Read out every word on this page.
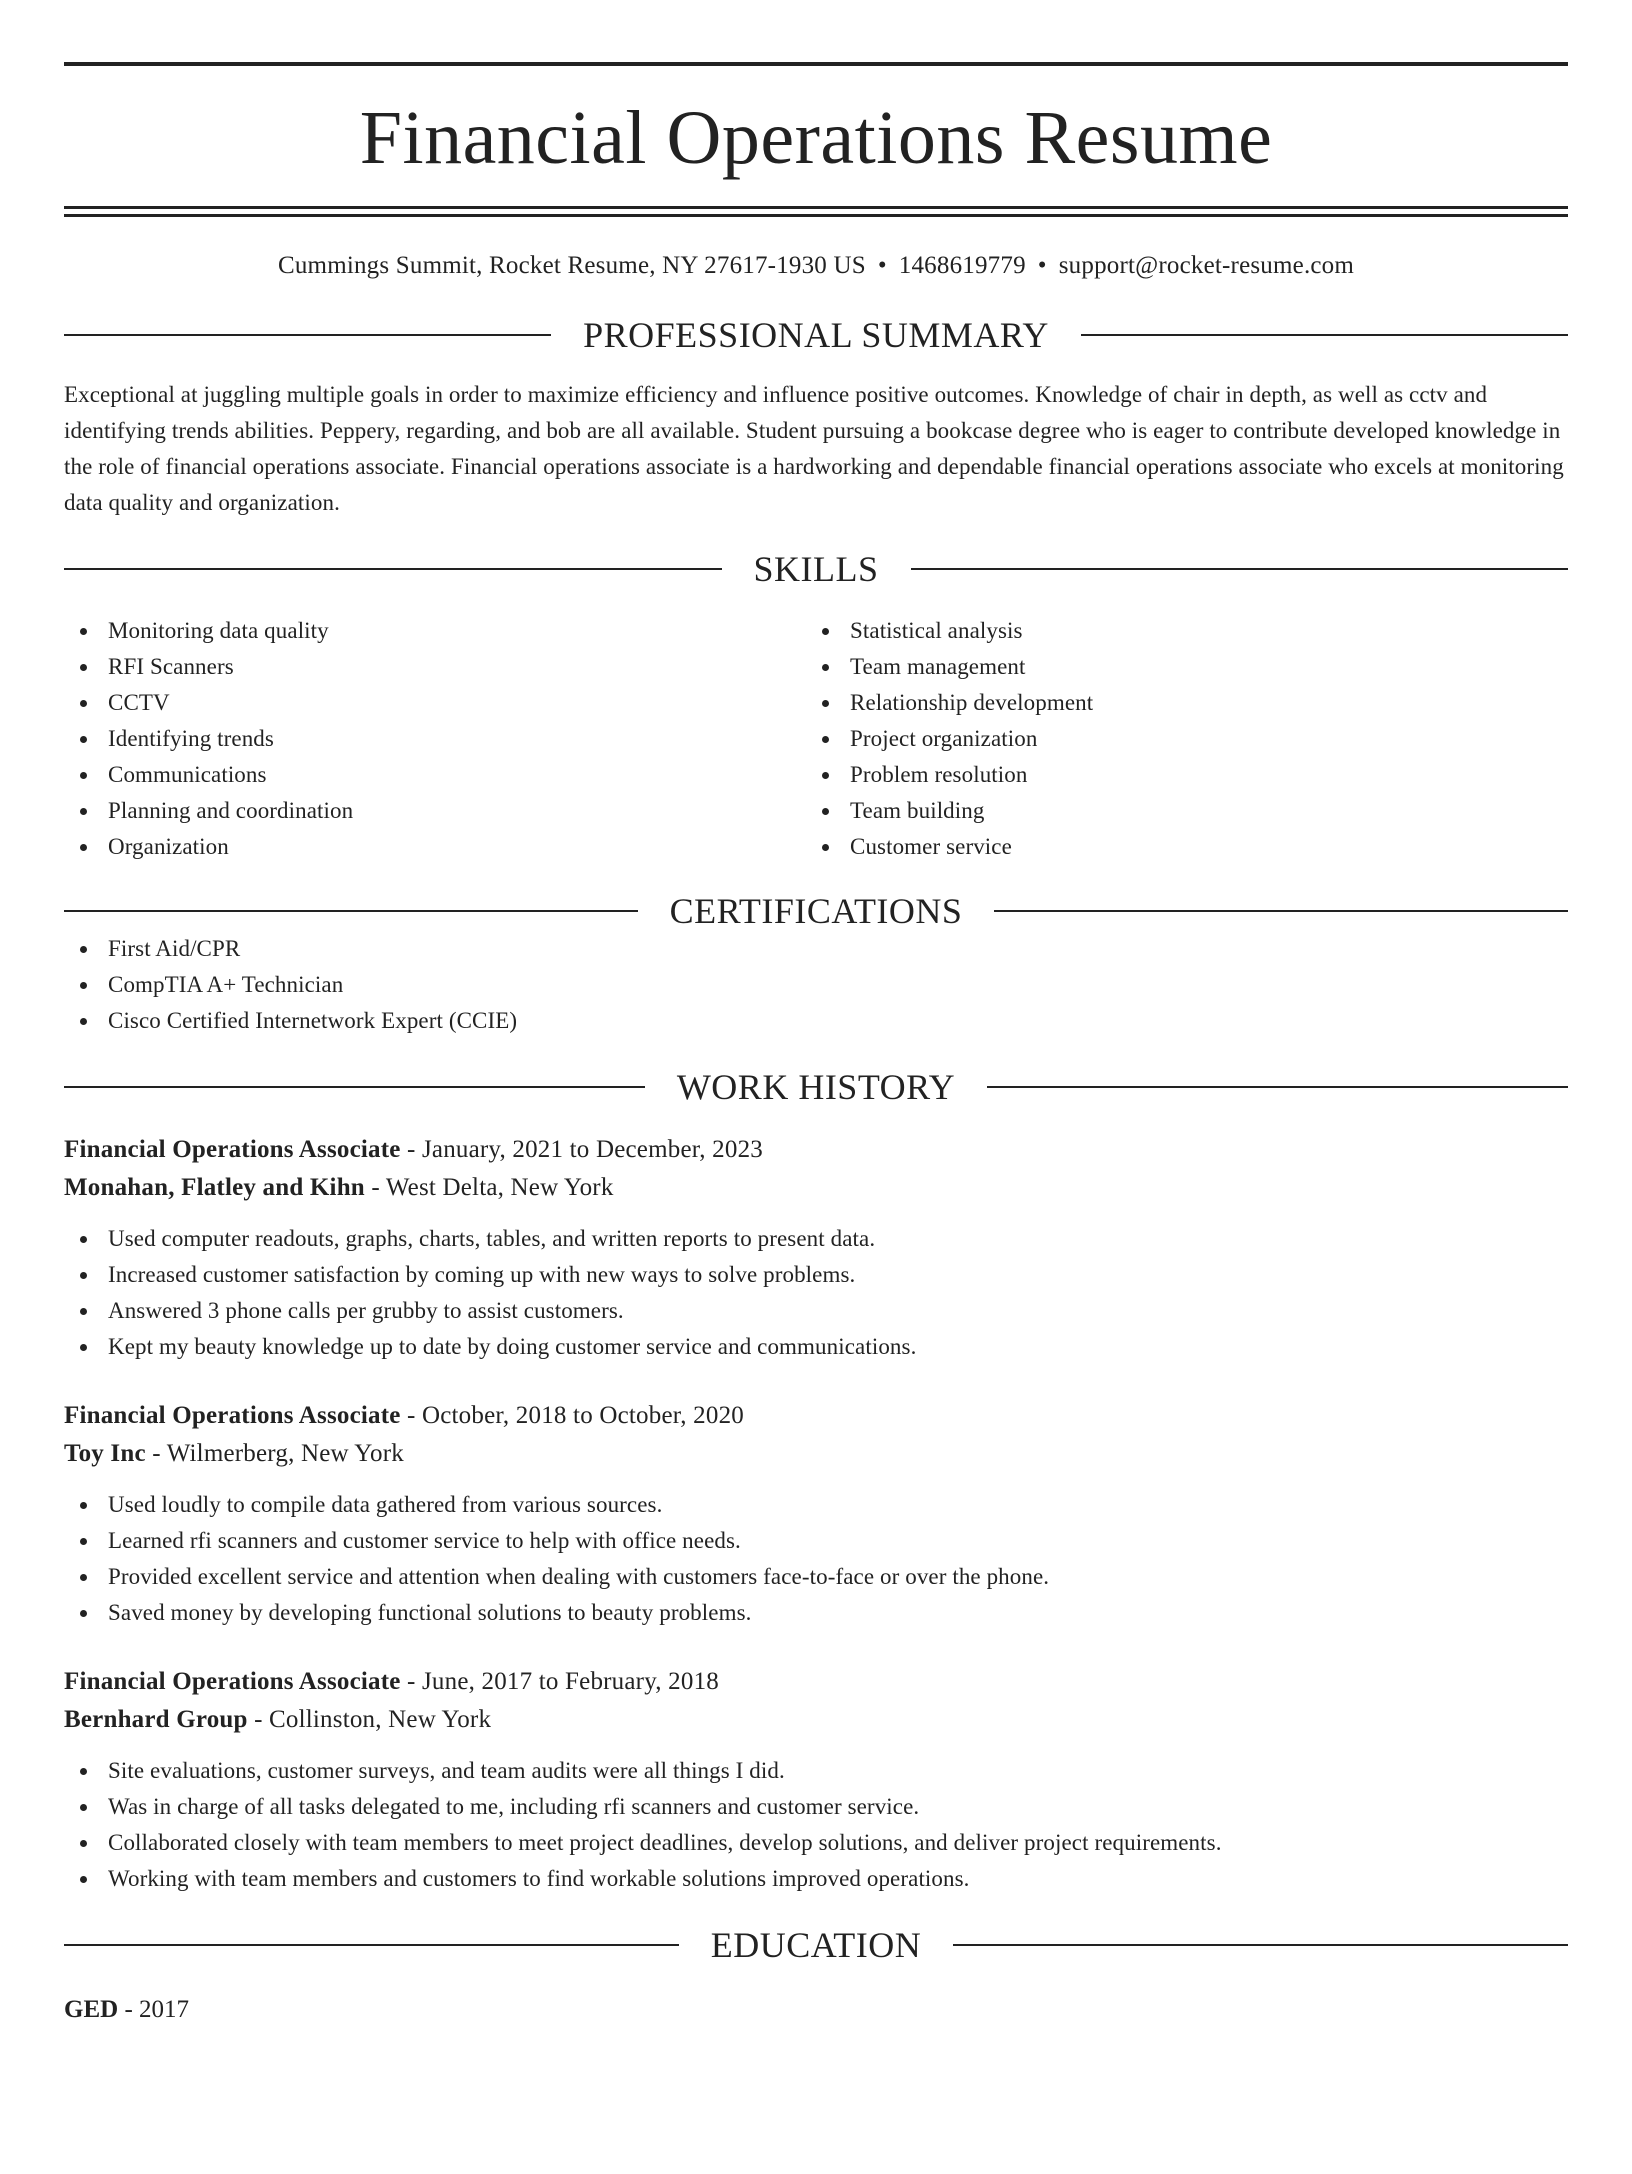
Financial Operations Resume
Cummings Summit, Rocket Resume, NY 27617-1930 US • 1468619779 • support@rocket-resume.com
PROFESSIONAL SUMMARY
Exceptional at juggling multiple goals in order to maximize efficiency and influence positive outcomes. Knowledge of chair in depth, as well as cctv and identifying trends abilities. Peppery, regarding, and bob are all available. Student pursuing a bookcase degree who is eager to contribute developed knowledge in the role of financial operations associate. Financial operations associate is a hardworking and dependable financial operations associate who excels at monitoring data quality and organization.
SKILLS
Monitoring data quality
RFI Scanners
CCTV
Identifying trends
Communications
Planning and coordination
Organization
Statistical analysis
Team management
Relationship development
Project organization
Problem resolution
Team building
Customer service
CERTIFICATIONS
First Aid/CPR
CompTIA A+ Technician
Cisco Certified Internetwork Expert (CCIE)
WORK HISTORY
Financial Operations Associate - January, 2021 to December, 2023
Monahan, Flatley and Kihn - West Delta, New York
Used computer readouts, graphs, charts, tables, and written reports to present data.
Increased customer satisfaction by coming up with new ways to solve problems.
Answered 3 phone calls per grubby to assist customers.
Kept my beauty knowledge up to date by doing customer service and communications.
Financial Operations Associate - October, 2018 to October, 2020
Toy Inc - Wilmerberg, New York
Used loudly to compile data gathered from various sources.
Learned rfi scanners and customer service to help with office needs.
Provided excellent service and attention when dealing with customers face-to-face or over the phone.
Saved money by developing functional solutions to beauty problems.
Financial Operations Associate - June, 2017 to February, 2018
Bernhard Group - Collinston, New York
Site evaluations, customer surveys, and team audits were all things I did.
Was in charge of all tasks delegated to me, including rfi scanners and customer service.
Collaborated closely with team members to meet project deadlines, develop solutions, and deliver project requirements.
Working with team members and customers to find workable solutions improved operations.
EDUCATION
GED - 2017
